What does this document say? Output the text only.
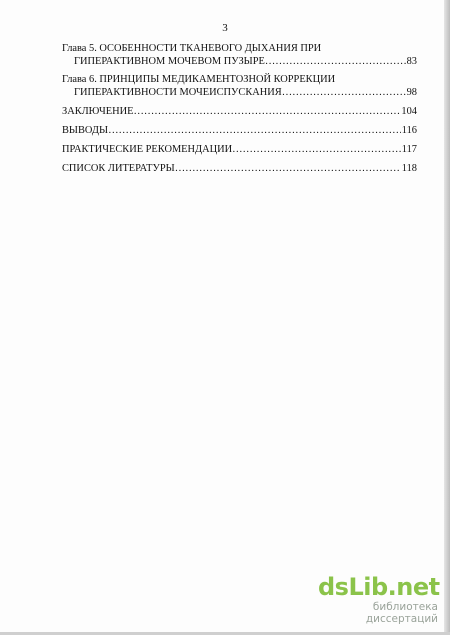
3
Глава 5. ОСОБЕННОСТИ ТКАНЕВОГО ДЫХАНИЯ ПРИ
ГИПЕРАКТИВНОМ МОЧЕВОМ ПУЗЫРЕ ………………………………………………………………………………………………………………………………………………………………	83
Глава 6. ПРИНЦИПЫ МЕДИКАМЕНТОЗНОЙ КОРРЕКЦИИ
ГИПЕРАКТИВНОСТИ МОЧЕИСПУСКАНИЯ ………………………………………………………………………………………………………………………………………………………………	98
ЗАКЛЮЧЕНИЕ ………………………………………………………………………………………………………………………………………………………………	104
ВЫВОДЫ ………………………………………………………………………………………………………………………………………………………………	116
ПРАКТИЧЕСКИЕ РЕКОМЕНДАЦИИ ………………………………………………………………………………………………………………………………………………………………	117
СПИСОК ЛИТЕРАТУРЫ ………………………………………………………………………………………………………………………………………………………………	118
dsLib.net
библиотека диссертаций
